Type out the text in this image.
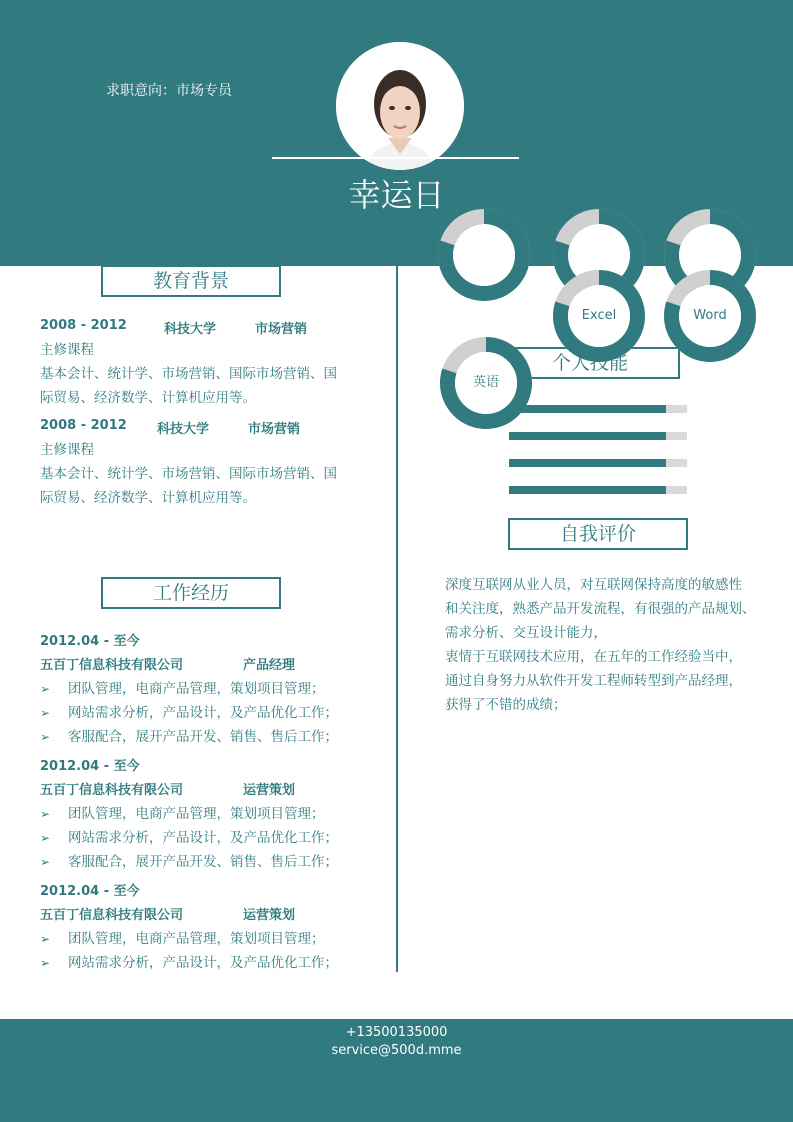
求职意向：市场专员
幸运日
教育背景
2008 - 2012	科技大学	市场营销
主修课程
基本会计、统计学、市场营销、国际市场营销、国
际贸易、经济数学、计算机应用等。
2008 - 2012 科技大学	市场营销
主修课程
基本会计、统计学、市场营销、国际市场营销、国
际贸易、经济数学、计算机应用等。
工作经历
2012.04 - 至今
五百丁信息科技有限公司	产品经理
➢ 团队管理，电商产品管理，策划项目管理；
➢ 网站需求分析，产品设计，及产品优化工作；
➢ 客服配合，展开产品开发、销售、售后工作；
2012.04 - 至今
五百丁信息科技有限公司	运营策划
➢ 团队管理，电商产品管理，策划项目管理；
➢ 网站需求分析，产品设计，及产品优化工作；
➢ 客服配合，展开产品开发、销售、售后工作；
2012.04 - 至今
五百丁信息科技有限公司	运营策划
➢ 团队管理，电商产品管理，策划项目管理；
➢ 网站需求分析，产品设计，及产品优化工作；
个人技能
Excel	Word
英语
自我评价
深度互联网从业人员，对互联网保持高度的敏感性
和关注度，熟悉产品开发流程，有很强的产品规划、
需求分析、交互设计能力，
衷情于互联网技术应用，在五年的工作经验当中，
通过自身努力从软件开发工程师转型到产品经理，
获得了不错的成绩；
+13500135000
service@500d.mme
